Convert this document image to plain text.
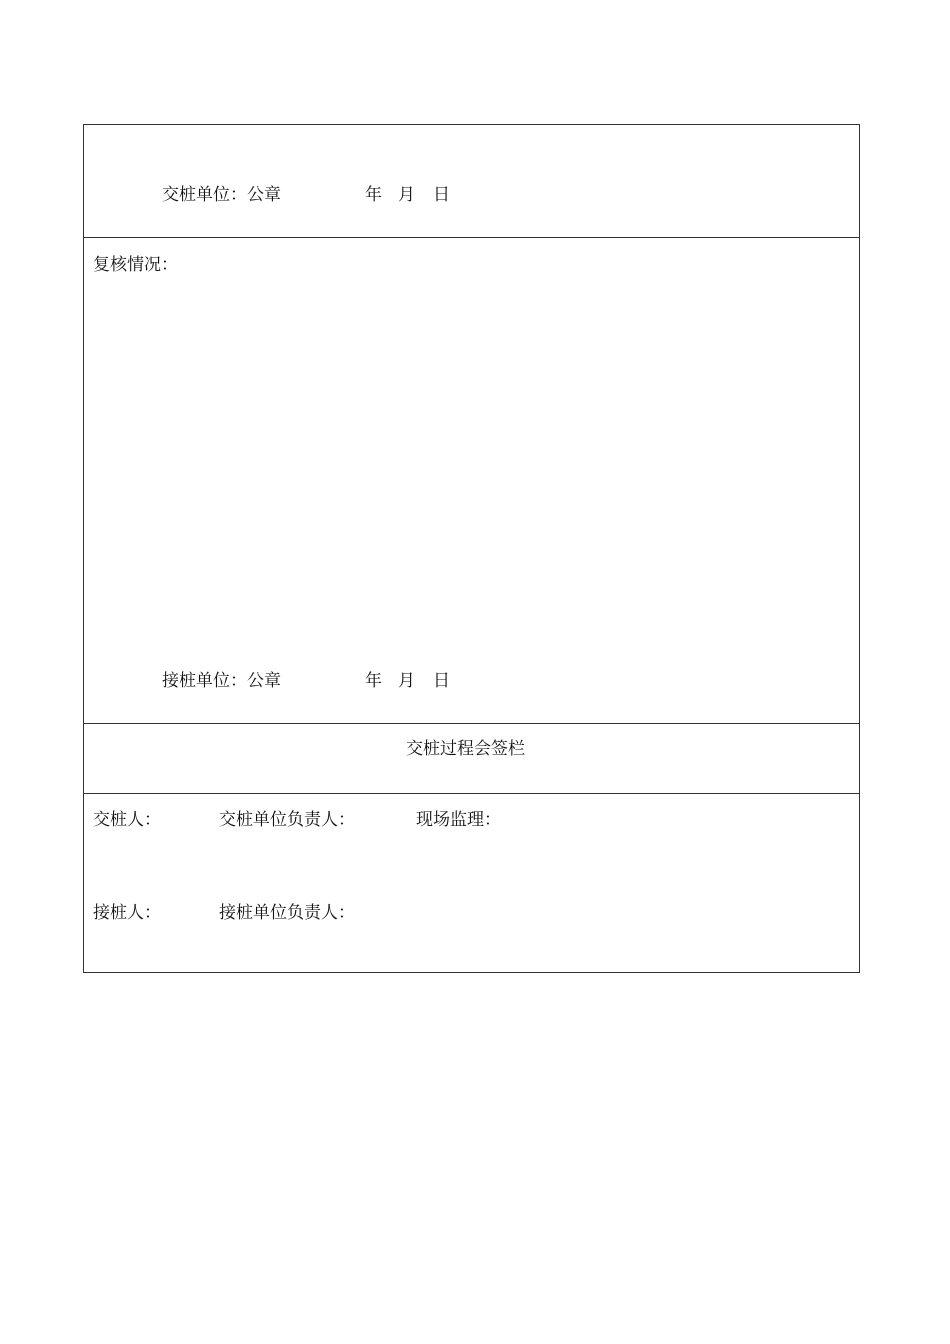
交桩单位：公章	年 月 日
复核情况：
接桩单位：公章	年 月 日
交桩过程会签栏
交桩人：	交桩单位负责人：	现场监理：
接桩人：	接桩单位负责人：
